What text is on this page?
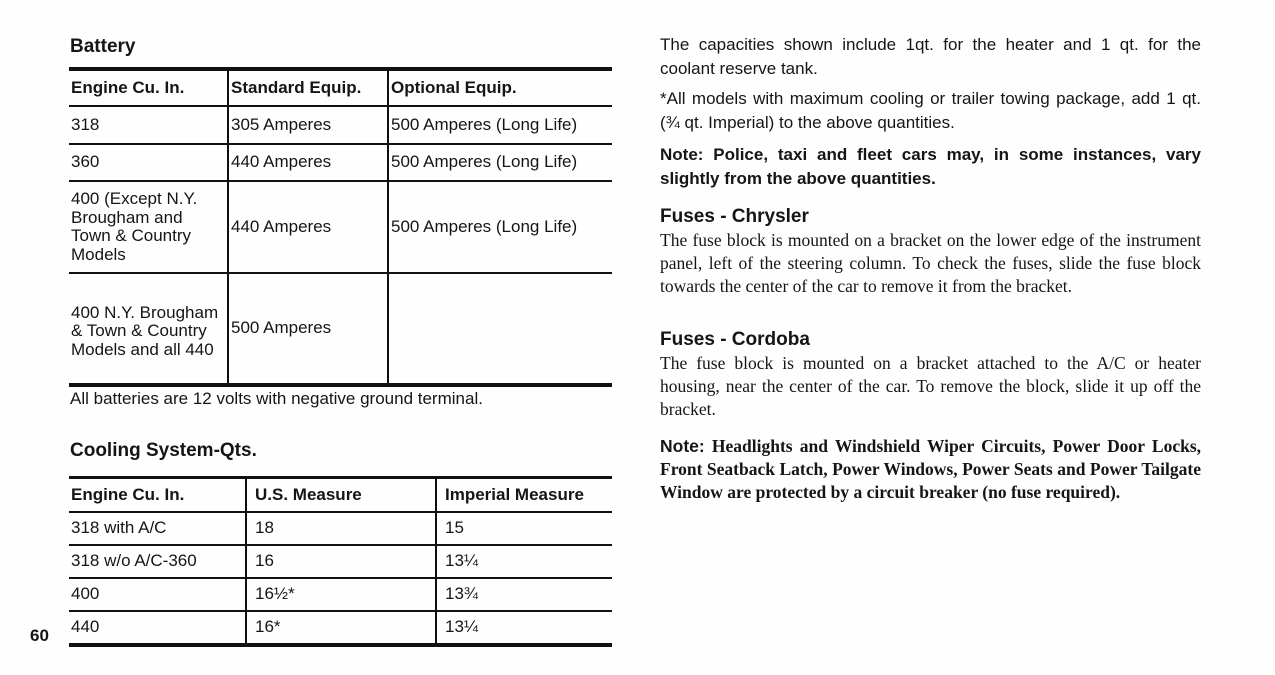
Battery
Engine Cu. In.	Standard Equip.	Optional Equip.
318	305 Amperes	500 Amperes (Long Life)
360	440 Amperes	500 Amperes (Long Life)
400 (Except N.Y. Brougham and Town & Country Models	440 Amperes	500 Amperes (Long Life)
400 N.Y. Brougham & Town & Country Models and all 440	500 Amperes	
All batteries are 12 volts with negative ground terminal.
Cooling System-Qts.
Engine Cu. In.	U.S. Measure	Imperial Measure
318 with A/C	18	15
318 w/o A/C-360	16	13¼
400	16½*	13¾
440	16*	13¼
60

The capacities shown include 1qt. for the heater and 1 qt. for the coolant reserve tank.

*All models with maximum cooling or trailer towing package, add 1 qt. (¾ qt. Imperial) to the above quantities.

Note: Police, taxi and fleet cars may, in some instances, vary slightly from the above quantities.

Fuses - Chrysler

The fuse block is mounted on a bracket on the lower edge of the instrument panel, left of the steering column. To check the fuses, slide the fuse block towards the center of the car to remove it from the bracket.

Fuses - Cordoba

The fuse block is mounted on a bracket attached to the A/C or heater housing, near the center of the car. To remove the block, slide it up off the bracket.

Note: Headlights and Windshield Wiper Circuits, Power Door Locks, Front Seatback Latch, Power Windows, Power Seats and Power Tailgate Window are protected by a circuit breaker (no fuse required).
